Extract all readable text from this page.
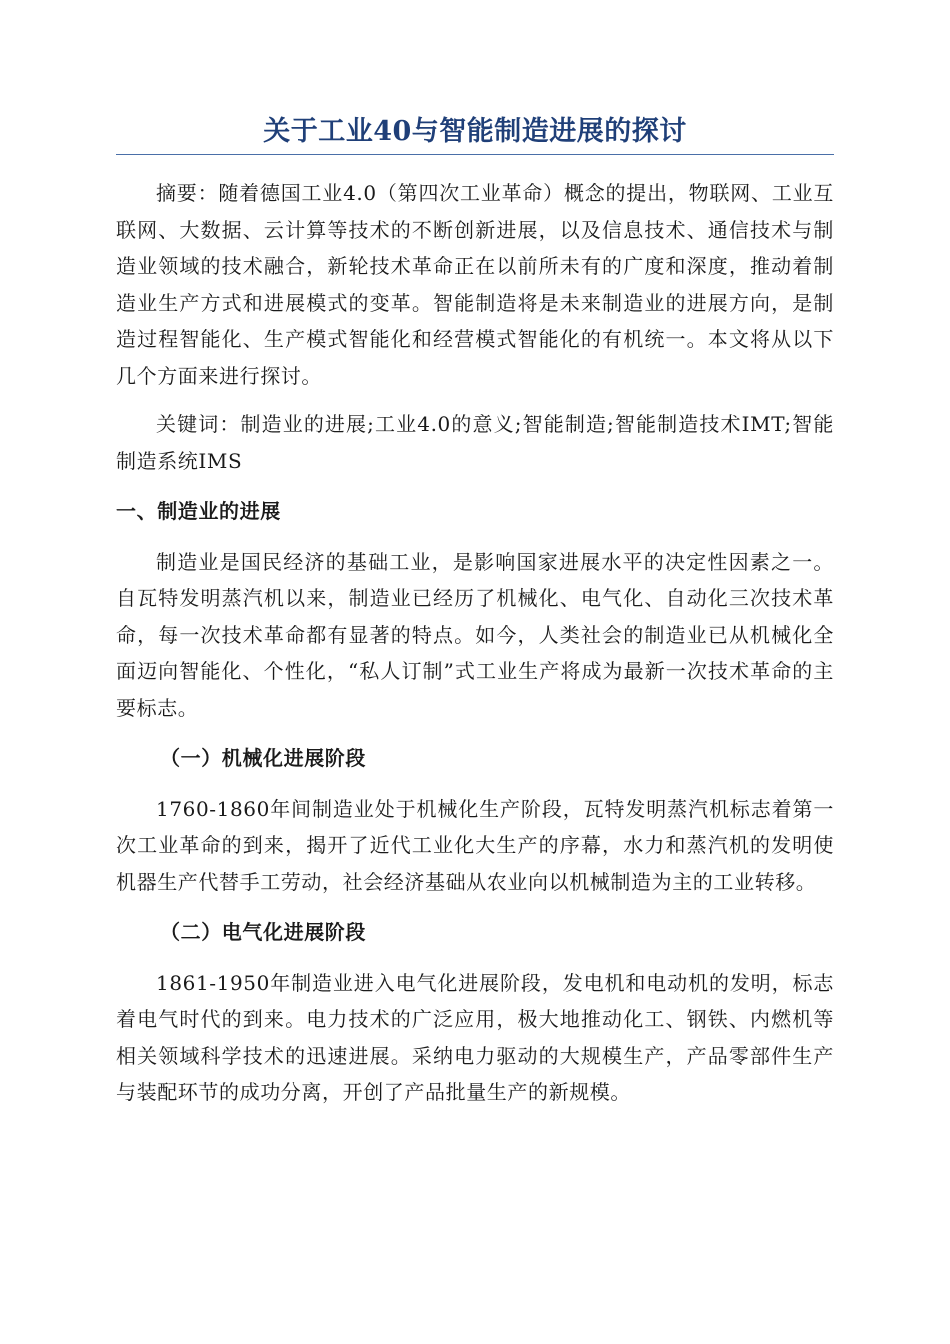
关于工业40与智能制造进展的探讨

摘要：随着德国工业4.0（第四次工业革命）概念的提出，物联网、工业互联网、大数据、云计算等技术的不断创新进展，以及信息技术、通信技术与制造业领域的技术融合，新轮技术革命正在以前所未有的广度和深度，推动着制造业生产方式和进展模式的变革。智能制造将是未来制造业的进展方向，是制造过程智能化、生产模式智能化和经营模式智能化的有机统一。本文将从以下几个方面来进行探讨。

关键词：制造业的进展;工业4.0的意义;智能制造;智能制造技术IMT;智能制造系统IMS

一、制造业的进展

制造业是国民经济的基础工业，是影响国家进展水平的决定性因素之一。自瓦特发明蒸汽机以来，制造业已经历了机械化、电气化、自动化三次技术革命，每一次技术革命都有显著的特点。如今，人类社会的制造业已从机械化全面迈向智能化、个性化，“私人订制”式工业生产将成为最新一次技术革命的主要标志。

（一）机械化进展阶段

1760-1860年间制造业处于机械化生产阶段，瓦特发明蒸汽机标志着第一次工业革命的到来，揭开了近代工业化大生产的序幕，水力和蒸汽机的发明使机器生产代替手工劳动，社会经济基础从农业向以机械制造为主的工业转移。

（二）电气化进展阶段

1861-1950年制造业进入电气化进展阶段，发电机和电动机的发明，标志着电气时代的到来。电力技术的广泛应用，极大地推动化工、钢铁、内燃机等相关领域科学技术的迅速进展。采纳电力驱动的大规模生产，产品零部件生产与装配环节的成功分离，开创了产品批量生产的新规模。
